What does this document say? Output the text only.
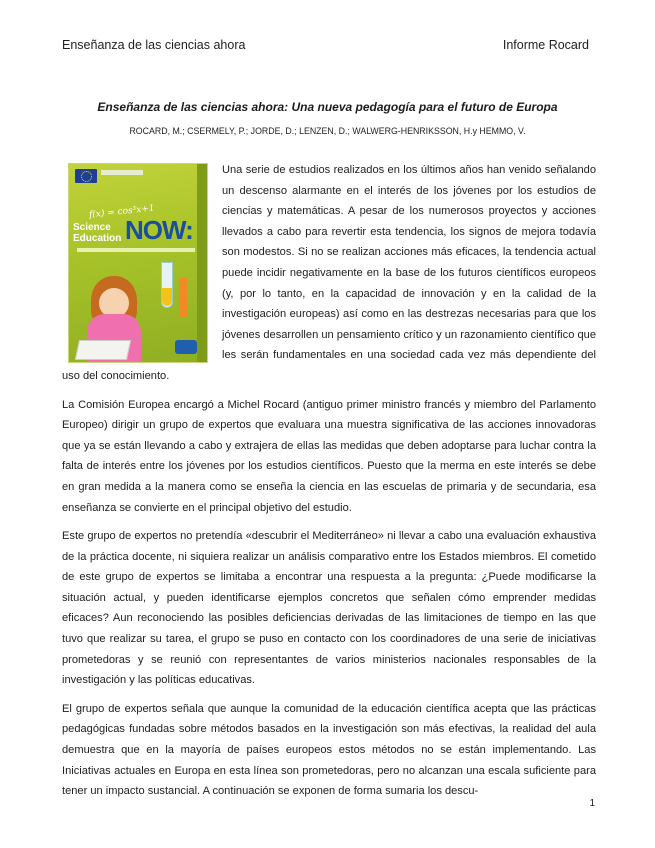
Enseñanza de las ciencias ahora	Informe Rocard
Enseñanza de las ciencias ahora: Una nueva pedagogía para el futuro de Europa
ROCARD, M.; CSERMELY, P.; JORDE, D.; LENZEN, D.; WALWERG-HENRIKSSON, H.y HEMMO, V.
f(x) = cos³x+1
Science Education NOW:

Una serie de estudios realizados en los últimos años han venido señalando un descenso alarmante en el interés de los jóvenes por los estudios de ciencias y matemáticas. A pesar de los numerosos proyectos y acciones llevados a cabo para revertir esta tendencia, los signos de mejora todavía son modestos. Si no se realizan acciones más eficaces, la tendencia actual puede incidir negativamente en la base de los futuros científicos europeos (y, por lo tanto, en la capacidad de innovación y en la calidad de la investigación europeas) así como en las destrezas necesarias para que los jóvenes desarrollen un pensamiento crítico y un razonamiento científico que les serán fundamentales en una sociedad cada vez más dependiente del uso del conocimiento.

La Comisión Europea encargó a Michel Rocard (antiguo primer ministro francés y miembro del Parlamento Europeo) dirigir un grupo de expertos que evaluara una muestra significativa de las acciones innovadoras que ya se están llevando a cabo y extrajera de ellas las medidas que deben adoptarse para luchar contra la falta de interés entre los jóvenes por los estudios científicos. Puesto que la merma en este interés se debe en gran medida a la manera como se enseña la ciencia en las escuelas de primaria y de secundaria, esa enseñanza se convierte en el principal objetivo del estudio.

Este grupo de expertos no pretendía «descubrir el Mediterráneo» ni llevar a cabo una evaluación exhaustiva de la práctica docente, ni siquiera realizar un análisis comparativo entre los Estados miembros. El cometido de este grupo de expertos se limitaba a encontrar una respuesta a la pregunta: ¿Puede modificarse la situación actual, y pueden identificarse ejemplos concretos que señalen cómo emprender medidas eficaces? Aun reconociendo las posibles deficiencias derivadas de las limitaciones de tiempo en las que tuvo que realizar su tarea, el grupo se puso en contacto con los coordinadores de una serie de iniciativas prometedoras y se reunió con representantes de varios ministerios nacionales responsables de la investigación y las políticas educativas.

El grupo de expertos señala que aunque la comunidad de la educación científica acepta que las prácticas pedagógicas fundadas sobre métodos basados en la investigación son más efectivas, la realidad del aula demuestra que en la mayoría de países europeos estos métodos no se están implementando. Las Iniciativas actuales en Europa en esta línea son prometedoras, pero no alcanzan una escala suficiente para tener un impacto sustancial. A continuación se exponen de forma sumaria los descu-

1
